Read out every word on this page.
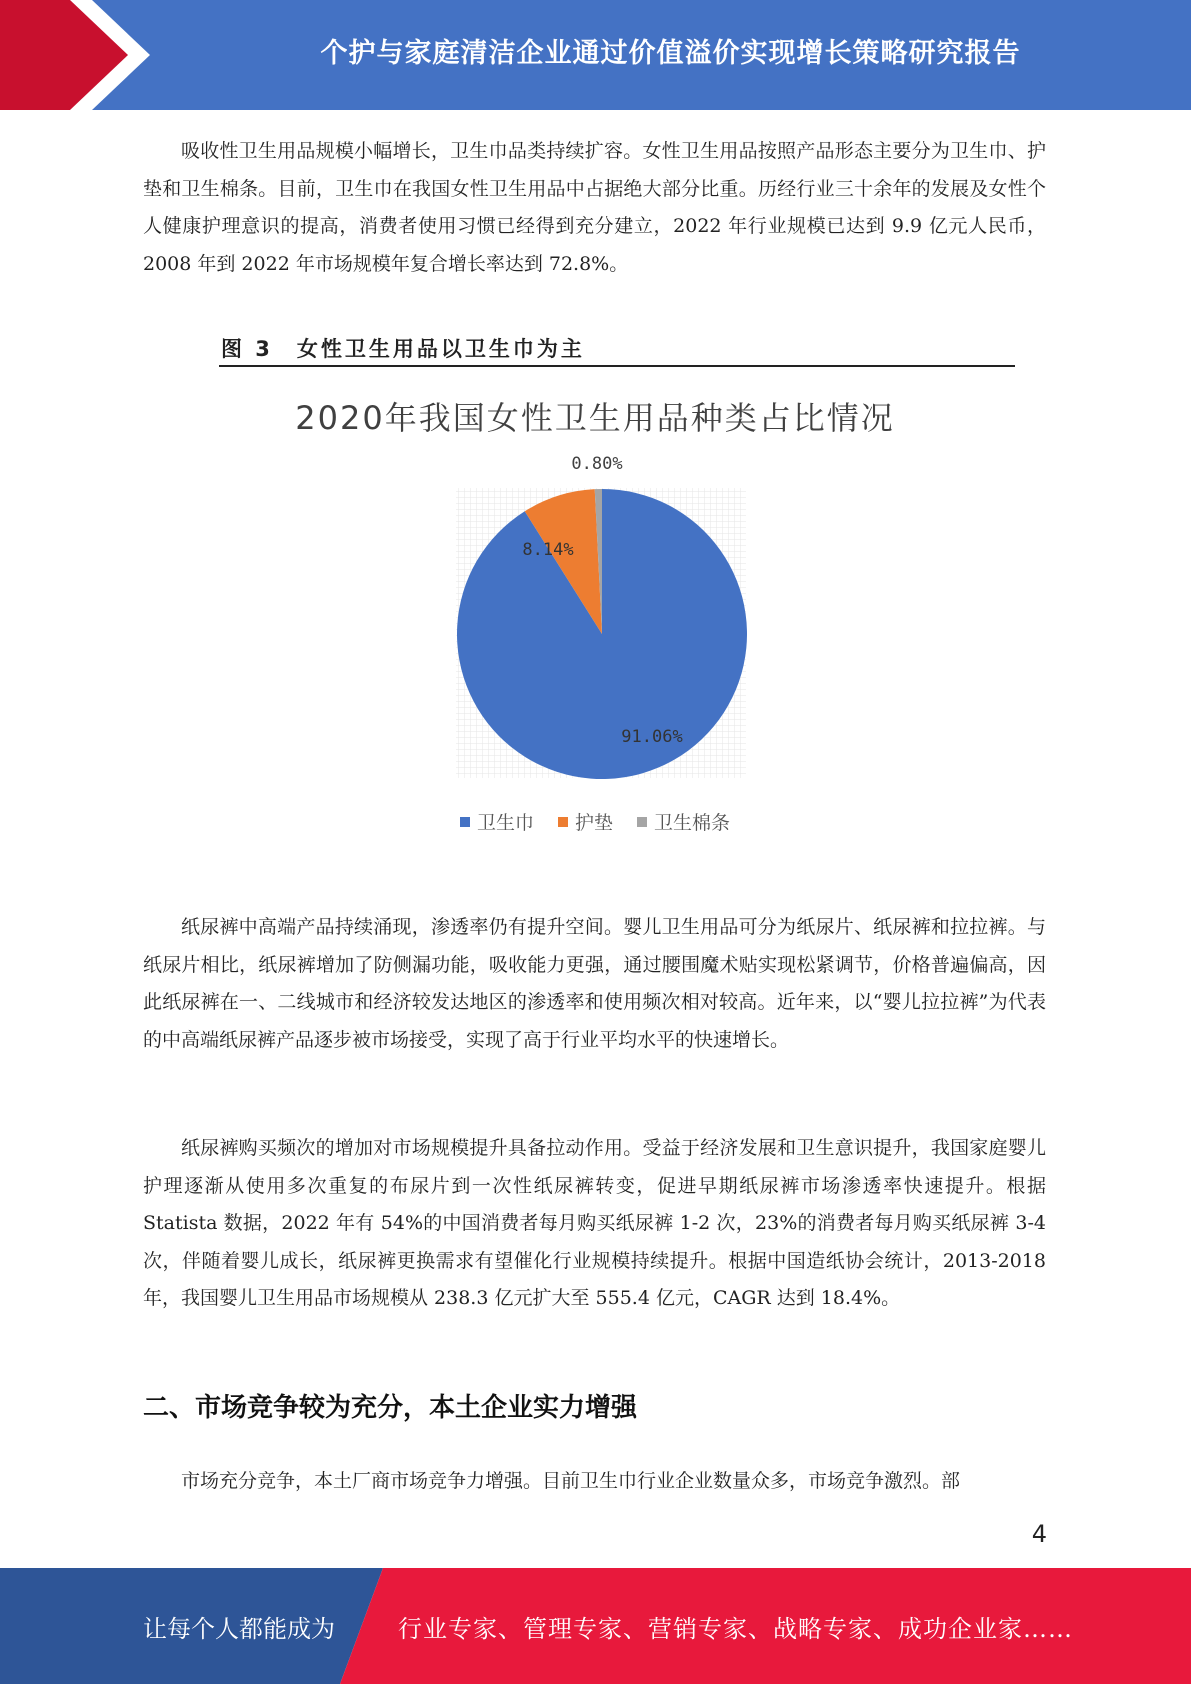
个护与家庭清洁企业通过价值溢价实现增长策略研究报告

吸收性卫生用品规模小幅增长，卫生巾品类持续扩容。女性卫生用品按照产品形态主要分为卫生巾、护垫和卫生棉条。目前，卫生巾在我国女性卫生用品中占据绝大部分比重。历经行业三十余年的发展及女性个人健康护理意识的提高，消费者使用习惯已经得到充分建立，2022 年行业规模已达到 9.9 亿元人民币，2008 年到 2022 年市场规模年复合增长率达到 72.8%。

图 3　女性卫生用品以卫生巾为主
2020年我国女性卫生用品种类占比情况
91.06%
8.14%
0.80%
卫生巾 护垫 卫生棉条

纸尿裤中高端产品持续涌现，渗透率仍有提升空间。婴儿卫生用品可分为纸尿片、纸尿裤和拉拉裤。与纸尿片相比，纸尿裤增加了防侧漏功能，吸收能力更强，通过腰围魔术贴实现松紧调节，价格普遍偏高，因此纸尿裤在一、二线城市和经济较发达地区的渗透率和使用频次相对较高。近年来，以“婴儿拉拉裤”为代表的中高端纸尿裤产品逐步被市场接受，实现了高于行业平均水平的快速增长。

纸尿裤购买频次的增加对市场规模提升具备拉动作用。受益于经济发展和卫生意识提升，我国家庭婴儿护理逐渐从使用多次重复的布尿片到一次性纸尿裤转变，促进早期纸尿裤市场渗透率快速提升。根据 Statista 数据，2022 年有 54%的中国消费者每月购买纸尿裤 1-2 次，23%的消费者每月购买纸尿裤 3-4 次，伴随着婴儿成长，纸尿裤更换需求有望催化行业规模持续提升。根据中国造纸协会统计，2013-2018 年，我国婴儿卫生用品市场规模从 238.3 亿元扩大至 555.4 亿元，CAGR 达到 18.4%。

二、市场竞争较为充分，本土企业实力增强

市场充分竞争，本土厂商市场竞争力增强。目前卫生巾行业企业数量众多，市场竞争激烈。部

4
让每个人都能成为	行业专家、管理专家、营销专家、战略专家、成功企业家……
